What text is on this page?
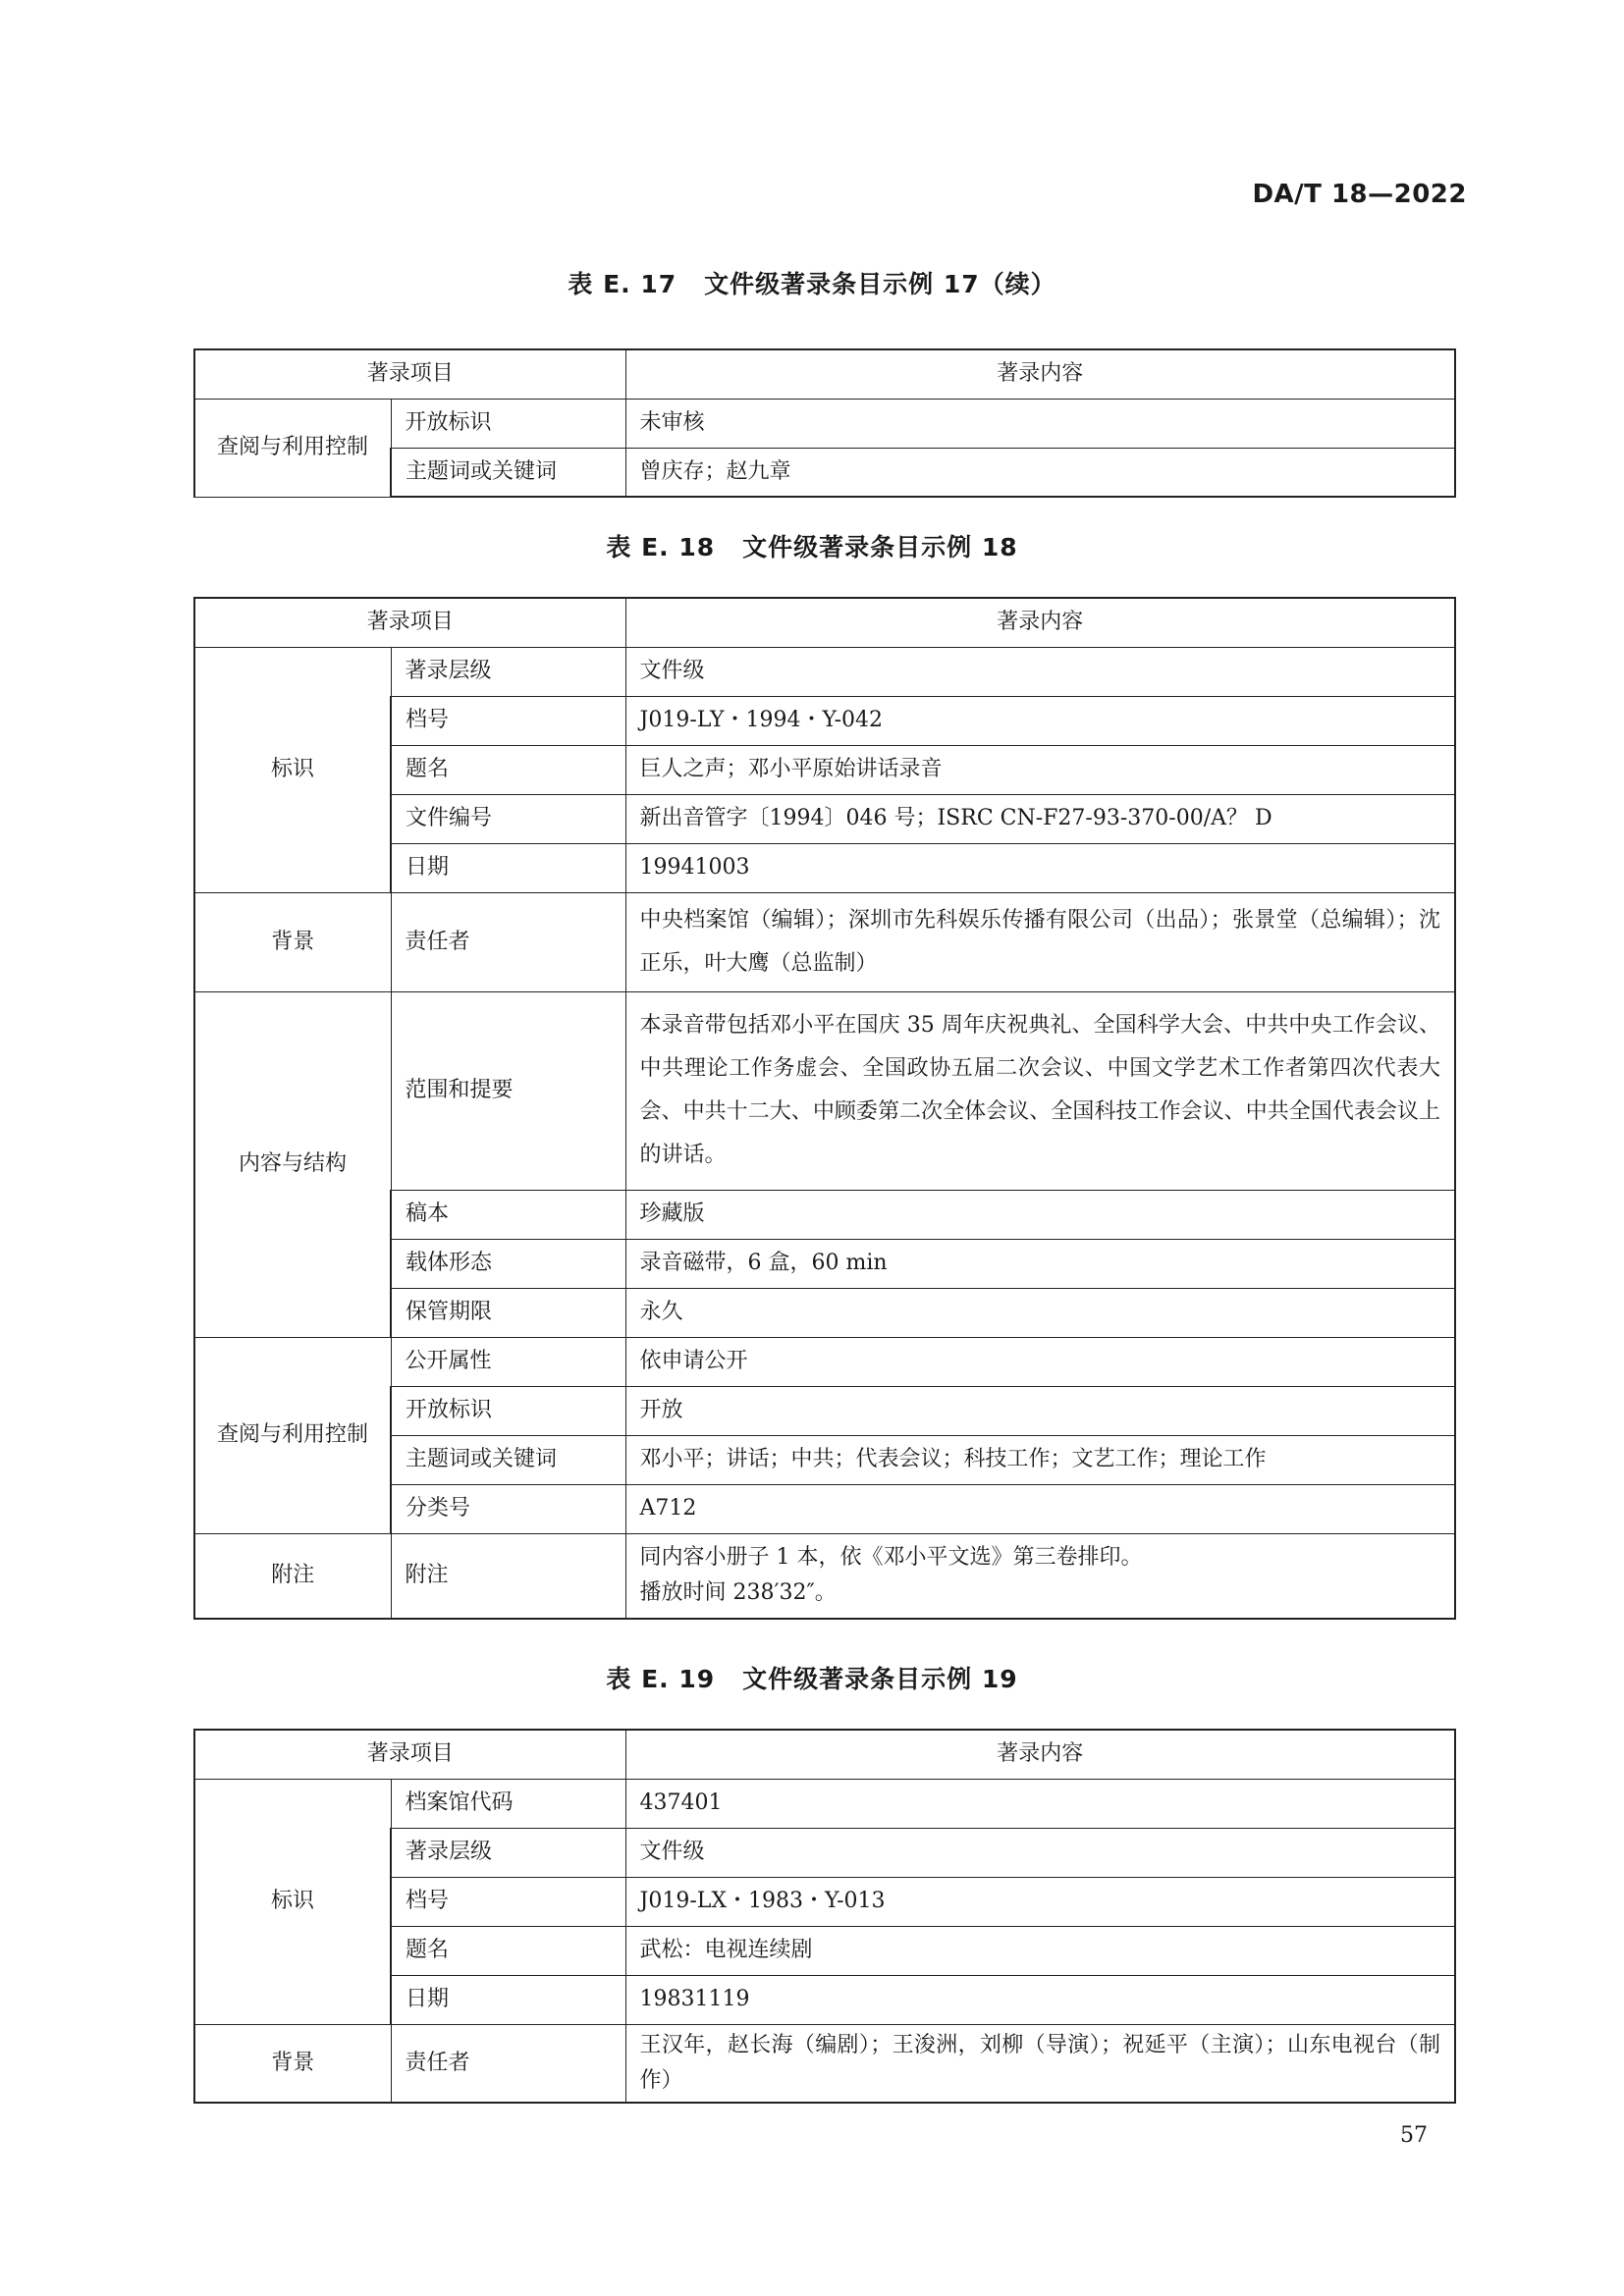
DA/T 18—2022
表 E. 17 文件级著录条目示例 17（续）
著录项目		著录内容
查阅与利用控制	开放标识	未审核
	主题词或关键词	曾庆存；赵九章
表 E. 18 文件级著录条目示例 18
著录项目		著录内容
标识	著录层级	文件级
	档号	J019-LY・1994・Y-042
	题名	巨人之声；邓小平原始讲话录音
	文件编号	新出音管字〔1994〕046 号；ISRC CN-F27-93-370-00/A？ D
	日期	19941003
背景	责任者	中央档案馆（编辑）；深圳市先科娱乐传播有限公司（出品）；张景堂（总编辑）；沈正乐，叶大鹰（总监制）
内容与结构	范围和提要	本录音带包括邓小平在国庆 35 周年庆祝典礼、全国科学大会、中共中央工作会议、中共理论工作务虚会、全国政协五届二次会议、中国文学艺术工作者第四次代表大会、中共十二大、中顾委第二次全体会议、全国科技工作会议、中共全国代表会议上的讲话。
	稿本	珍藏版
	载体形态	录音磁带，6 盒，60 min
	保管期限	永久
查阅与利用控制	公开属性	依申请公开
	开放标识	开放
	主题词或关键词	邓小平；讲话；中共；代表会议；科技工作；文艺工作；理论工作
	分类号	A712
附注	附注	同内容小册子 1 本，依《邓小平文选》第三卷排印。
播放时间 238′32″。
表 E. 19 文件级著录条目示例 19
著录项目		著录内容
标识	档案馆代码	437401
	著录层级	文件级
	档号	J019-LX・1983・Y-013
	题名	武松：电视连续剧
	日期	19831119
背景	责任者	王汉年，赵长海（编剧）；王浚洲，刘柳（导演）；祝延平（主演）；山东电视台（制作）
57
